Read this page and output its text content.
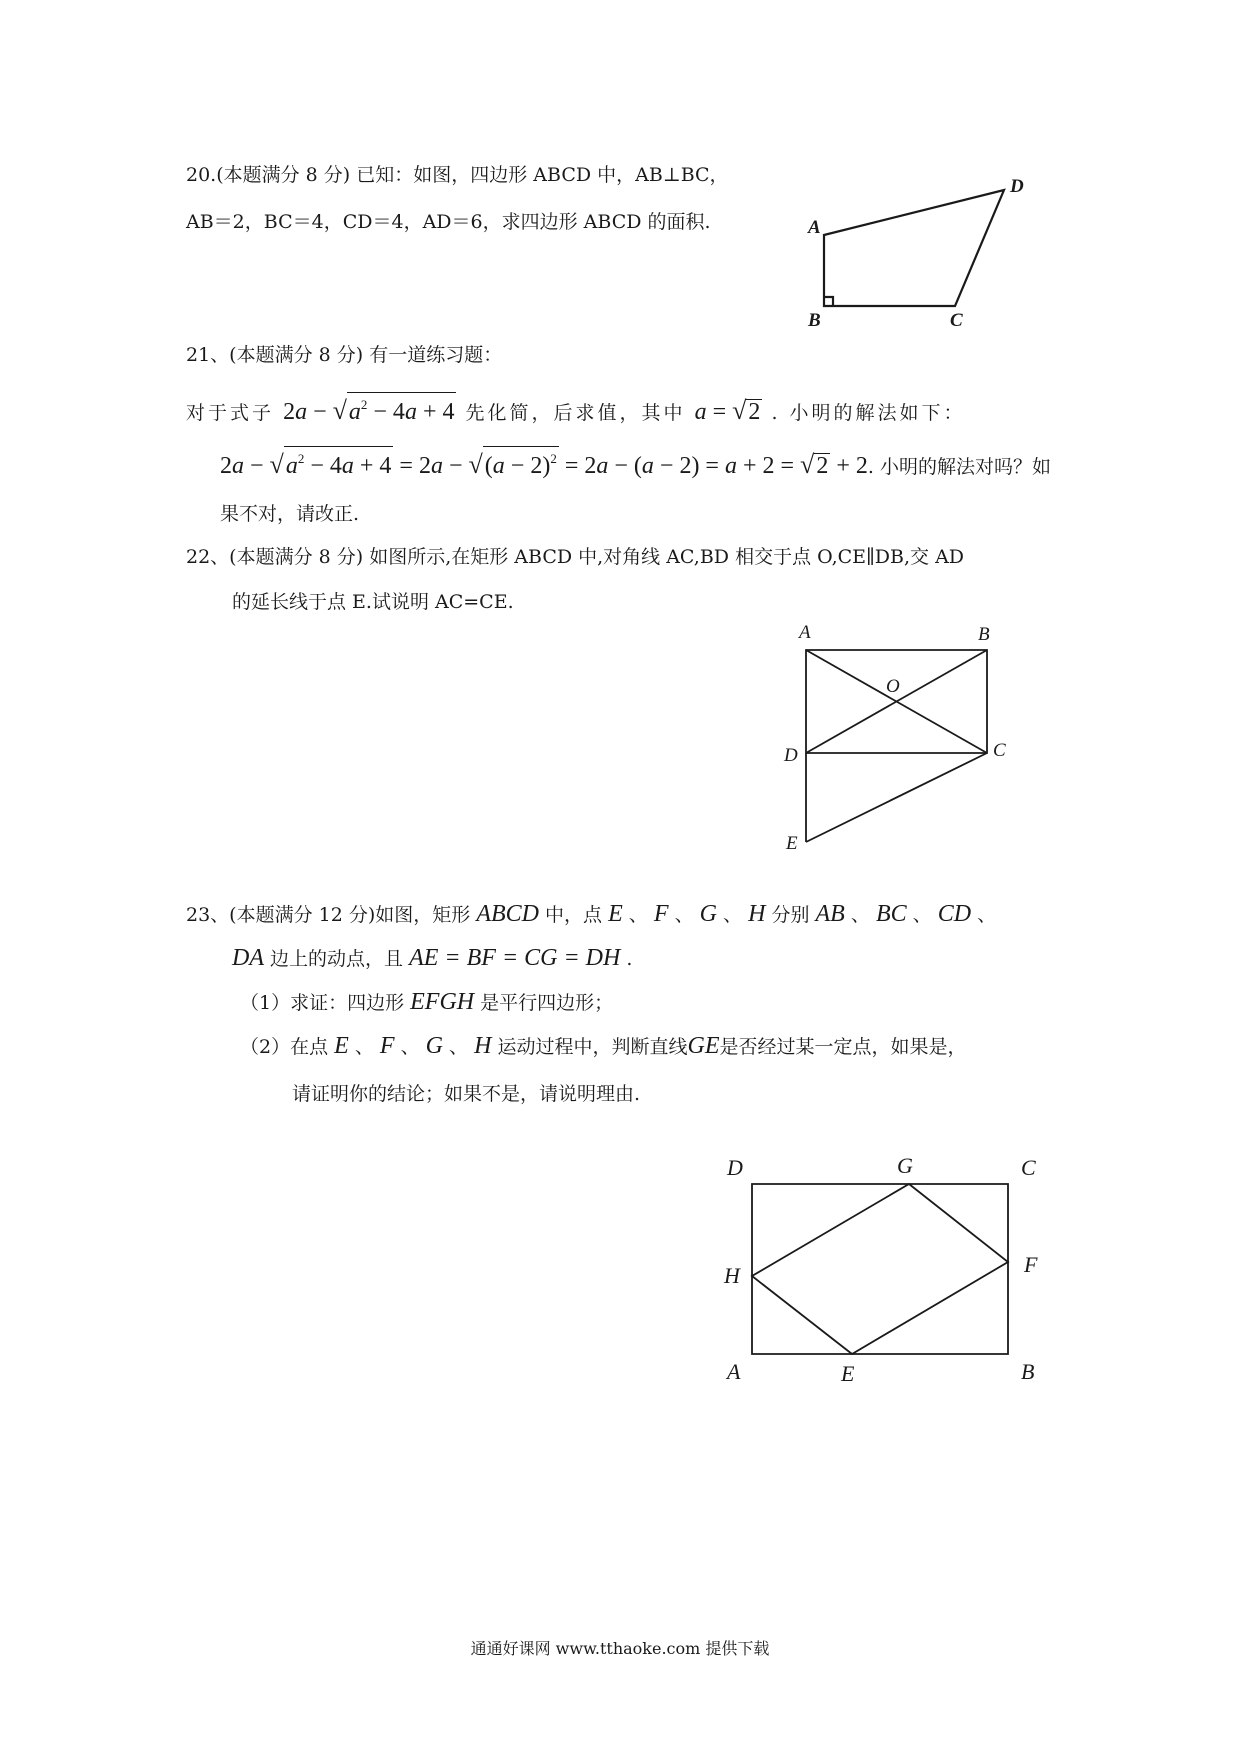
20.(本题满分 8 分) 已知：如图，四边形 ABCD 中，AB⊥BC，
AB＝2，BC＝4，CD＝4，AD＝6，求四边形 ABCD 的面积.	A
D
B	C
21、(本题满分 8 分) 有一道练习题：
对于式子 $2a - √a^2 - 4a + 4$ 先化简，后求值，其中 a = √2 . 小明的解法如下：
$2a - √a^2 - 4a + 4 = 2a - √(a - 2)^2 = 2a - (a - 2) = a + 2 = √2 + 2$. 小明的解法对吗？如
果不对，请改正.
22、(本题满分 8 分) 如图所示,在矩形 ABCD 中,对角线 AC,BD 相交于点 O,CE∥DB,交 AD
的延长线于点 E.试说明 AC=CE.
A	B
O
D	C
E
23、(本题满分 12 分)如图，矩形 ABCD 中，点 E 、 F 、 G 、 H 分别 AB 、 BC 、 CD 、
DA 边上的动点，且 AE = BF = CG = DH .
（1）求证：四边形 EFGH 是平行四边形；
（2）在点 E 、 F 、 G 、 H 运动过程中，判断直线GE是否经过某一定点，如果是，
请证明你的结论；如果不是，请说明理由.
D	G	C
H	F
A	E	B
通通好课网 www.tthaoke.com 提供下载
